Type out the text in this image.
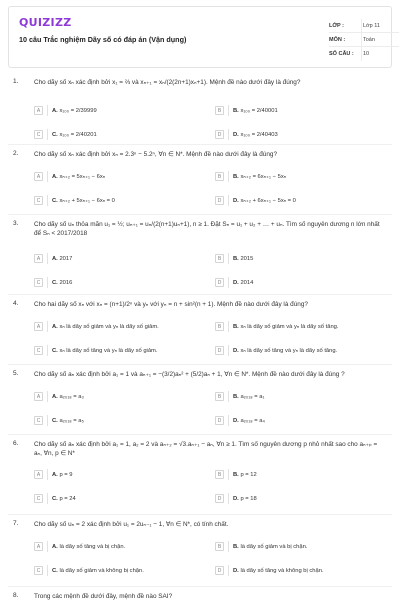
QUIZIZZ
10 câu Trắc nghiệm Dãy số có đáp án (Vận dụng)
LỚP :	Lớp 11
MÔN :	Toán
SỐ CÂU :	10
1. Cho dãy số xₙ xác định bởi x₁ = ⅔ và xₙ₊₁ = xₙ/(2(2n+1)xₙ+1). Mệnh đề nào dưới đây là đúng?
A	A. x₁₀₀ = 2/39999	B	B. x₁₀₀ = 2/40001
C	C. x₁₀₀ = 2/40201	D	D. x₁₀₀ = 2/40403
2. Cho dãy số xₙ xác định bởi xₙ = 2.3ⁿ − 5.2ⁿ, ∀n ∈ N*. Mệnh đề nào dưới đây là đúng?
A	A. xₙ₊₂ = 5xₙ₊₁ − 6xₙ	B	B. xₙ₊₂ = 6xₙ₊₁ − 5xₙ
C	C. xₙ₊₂ + 5xₙ₊₁ − 6xₙ = 0	D	D. xₙ₊₂ + 6xₙ₊₁ − 5xₙ = 0
3. Cho dãy số uₙ thỏa mãn u₁ = ½; uₙ₊₁ = uₙ/(2(n+1)uₙ+1), n ≥ 1. Đặt Sₙ = u₁ + u₂ + … + uₙ. Tìm số nguyên dương n lớn nhất để Sₙ < 2017/2018
A	A. 2017	B	B. 2015
C	C. 2016	D	D. 2014
4. Cho hai dãy số xₙ với xₙ = (n+1)/2ⁿ và yₙ với yₙ = n + sin²(n + 1). Mệnh đề nào dưới đây là đúng?
A	A. xₙ là dãy số giảm và yₙ là dãy số giảm.	B	B. xₙ là dãy số giảm và yₙ là dãy số tăng.
C	C. xₙ là dãy số tăng và yₙ là dãy số giảm.	D	D. xₙ là dãy số tăng và yₙ là dãy số tăng.
5. Cho dãy số aₙ xác định bởi a₁ = 1 và aₙ₊₁ = −(3/2)aₙ² + (5/2)aₙ + 1, ∀n ∈ N*. Mệnh đề nào dưới đây là đúng ?
A	A. a₂₀₁₈ = a₃	B	B. a₂₀₁₈ = a₁
C	C. a₂₀₁₈ = a₅	D	D. a₂₀₁₈ = a₄
6. Cho dãy số aₙ xác định bởi a₁ = 1, a₂ = 2 và aₙ₊₂ = √3.aₙ₊₁ − aₙ, ∀n ≥ 1. Tìm số nguyên dương p nhỏ nhất sao cho aₙ₊ₚ = aₙ, ∀n, p ∈ N*
A	A. p = 9	B	B. p = 12
C	C. p = 24	D	D. p = 18
7. Cho dãy số uₙ = 2 xác định bởi u₁ = 2uₙ₋₁ − 1, ∀n ∈ N*, có tính chất.
A	A. là dãy số tăng và bị chặn.	B	B. là dãy số giảm và bị chặn.
C	C. là dãy số giảm và không bị chặn.	D	D. là dãy số tăng và không bị chặn.
8. Trong các mệnh đề dưới đây, mệnh đề nào SAI?
